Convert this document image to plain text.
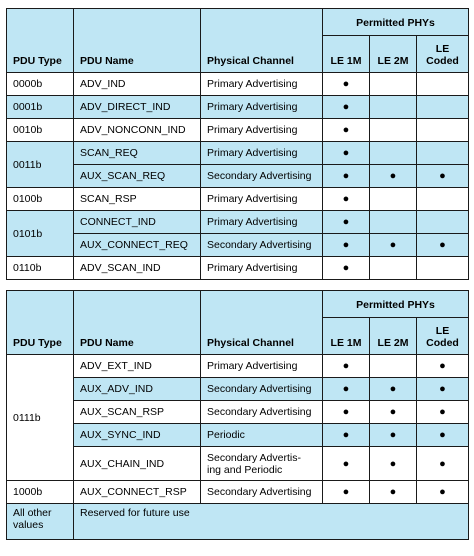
PDU Type	PDU Name	Physical Channel	Permitted PHYs		
			LE 1M	LE 2M	LE
Coded
0000b	ADV_IND	Primary Advertising	●		
0001b	ADV_DIRECT_IND	Primary Advertising	●		
0010b	ADV_NONCONN_IND	Primary Advertising	●		
0011b	SCAN_REQ	Primary Advertising	●		
	AUX_SCAN_REQ	Secondary Advertising	●	●	●
0100b	SCAN_RSP	Primary Advertising	●		
0101b	CONNECT_IND	Primary Advertising	●		
	AUX_CONNECT_REQ	Secondary Advertising	●	●	●
0110b	ADV_SCAN_IND	Primary Advertising	●		
PDU Type	PDU Name	Physical Channel	Permitted PHYs		
			LE 1M	LE 2M	LE
Coded
0111b	ADV_EXT_IND	Primary Advertising	●		●
	AUX_ADV_IND	Secondary Advertising	●	●	●
	AUX_SCAN_RSP	Secondary Advertising	●	●	●
	AUX_SYNC_IND	Periodic	●	●	●
	AUX_CHAIN_IND	Secondary Advertis-
ing and Periodic	●	●	●
1000b	AUX_CONNECT_RSP	Secondary Advertising	●	●	●
All other
values	Reserved for future use				
